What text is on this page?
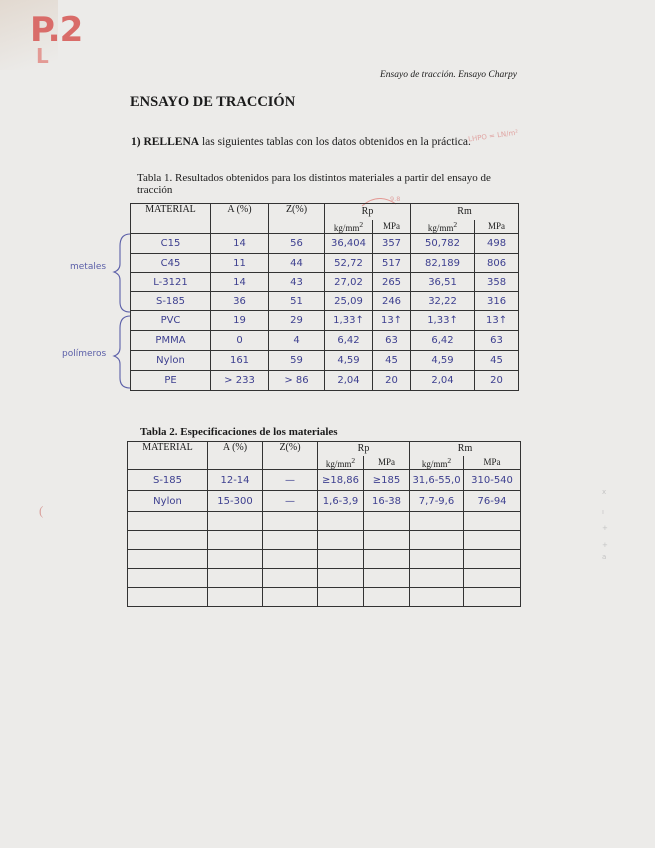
P.2
L
Ensayo de tracción. Ensayo Charpy
ENSAYO DE TRACCIÓN
1) RELLENA las siguientes tablas con los datos obtenidos en la práctica.
LHPO = LN/m²
Tabla 1. Resultados obtenidos para los distintos materiales a partir del ensayo de tracción
9.8
MATERIAL	A (%)	Z(%)	Rp		Rm	
			$kg/mm^2$	MPa	$kg/mm^2$	MPa
C15	14	56	36,404	357	50,782	498
C45	11	44	52,72	517	82,189	806
L-3121	14	43	27,02	265	36,51	358
S-185	36	51	25,09	246	32,22	316
PVC	19	29	1,33↑	13↑	1,33↑	13↑
PMMA	0	4	6,42	63	6,42	63
Nylon	161	59	4,59	45	4,59	45
PE	> 233	> 86	2,04	20	2,04	20
metales
polímeros
Tabla 2. Especificaciones de los materiales
MATERIAL	A (%)	Z(%)	Rp		Rm	
			$kg/mm^2$	MPa	$kg/mm^2$	MPa
S-185	12-14	—	≥18,86	≥185	31,6-55,0	310-540
Nylon	15-300	—	1,6-3,9	16-38	7,7-9,6	76-94

x
ı
+
+
a
(
